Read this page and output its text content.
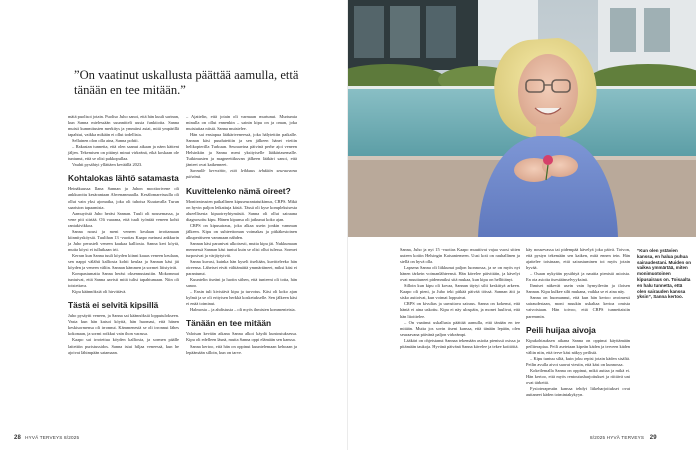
”On vaatinut uskallusta päättää aamulla, että tänään en tee mitään.”

mätä puolisoi jotain. Puoliso Juho sanoi, että hän kuuli sarinan, kun Sanna mielessään suunnitteli uusia funktioita. Sanna muisti kummitusten merkitys ja ymmärsi asiat, mitä ympärillä tapahtui, vaikka mikään ei ollut todellista.

Sellainen olon olla aina, Sanna pohtii.

– Rakastan tunnetta, että olen saanut aikaan ja näen kättent jäljen. Tekemisen on pitänyt minut virkeänä, eikä koskaan ole tuntunut, että se olisi pakkopullaa.

Vauhti pysähtyi yllättäen keväällä 2023.

Kohtalokas lähtö satamasta

Heinäkuussa Ilana Sannan ja Juhon moottorivene oli ankkuroitu kesärantaan Ahvenanmaalla. Kesälomareissulla oli ollut vain yksi ajomatka, joka oli tuhoisa Kuutavalla Turun saariston tapaamista.

Aamuyöstä Juho heräsi Sannan. Tuuli oli nousemassa, ja vene piti siirtää. Oli vaarana, että tuuli työntää veneen kohti rantakivikkoa.

Sanna nousi ja meni veneen keulaan irrottamaan kiinnitysköysiä. Tuulihan 13 -vuotias Kaapo meinasi ankkurin ja Juho perusteli veneen kaukaa kalliosta. Sanna keri köytä, mutta köysi ei tullutkaan irti.

Kerran kun Sanna tuuli köyden kiinni kauas veneen keulaan, sen nappi välähti kalliosta kohti keulaa ja Sannan käsi jäi köyden ja veneen väliin. Sannan kämmen ja sormet litistyivät.

Kompastumatta Sanna heräsi oksennustautiin. Mokommat tuntuivat, että Sanna aavisti mitä tulisi tapahtumaan. Niin oli toistettava.

Kipu käännöksiä oli hirvittävä.

Tästä ei selvitä kipsillä

Juho pysäytti veneen, ja Sanna sai käännöksiä lopputulokseen. Vasta kun hän katsoi köyttä, hän huomasi, että hänen keskisormensa oli irronnut. Kämmenestä se oli irronnut lähes kokonaan, ja sormi roikkui vain ihon varassa.

Kaapo sai irrotettua köyden kalliosta, ja sormen päälle laitettiin puristussidos. Sanna istui hiljaa veneessä, kun he ajoivat lähimpään satamaan.

– Ajattelin, että jotain oli varmaan murtunut. Murtumia minulla on ollut ennenkin – sainin kipu on ja oman, joka muistuttaa niistä. Sanna muistelee.

Hän sai ensiapua lääkäriveneessä, joka hälytettiin paikalle. Sannan käsi puudutettiin ja sen jälkeen hänet vietiin helikopterilla Turkuun. Seuraavina päivinä perhe ajoi veneen Helsinkiin ja Sanna meni yksityiselle lääkäriasemalle. Tutkimusten ja magneettikuvan jälkeen lääkäri sanoi, että jänteet ovat katkenneet.

Sannalle kerrottiin, että leikkaus tehdään seuraavana päivänä.

Kuvittelenko nämä oireet?

Moniteatrusten paikallinen kipuseurantatutkimus, CRPS. Mikä on hyvin paljon leikattuja käsiä. Tässä oli kyse kompleksisesta alueellisesta kipuoireyhtymästä. Sanna oli ollut sairaana diagnosoitu kipu. Hänen kipunsa oli jatkunut koko ajan.

CRPS on kipusairaus, joka alkaa usein jonkin vamman jälkeen. Kipu on suhteettoman voimakas ja pitkäkestoinen alkuperäiseen vammaan nähden.

Sannan käsi paranivat ulkoisesti, mutta kipu jäi. Nukkumaan mennessä Sannan käsi tuntui kuin se olisi ollut tulessa. Sormet turposivat ja värjäytyivät.

Sanna kuvasi, kuinka hän kyseli itseltään, kuvitteleeko hän oireensa. Läheiset eivät välttämättä ymmärtäneet, miksi käsi ei parantunut.

Kuuntelin itseäni ja luotin siihen, että tunteeni oli totta, hän sanoo.

– Ensin tuli kivistävä kipu ja turvotus. Käsi oli koko ajan kylmä ja se oli erityisen herkkä kosketukselle. Sen jälkeen käsi ei enää toiminut.

Halmosta – ja ahdistusta – oli myös ihmisten kommenteista.

Tänään en tee mitään

Valoisan kevään aikana Sanna alkoi käydä kuntoutuksessa. Kipu oli edelleen läsnä, mutta Sanna oppi elämään sen kanssa.

Sanna kertoo, että hän on oppinut kuuntelemaan kehoaan ja lepäämään silloin, kun on tarve.

28 HYVÄ TERVEYS 8/2025

Sanna, Juho ja nyt 15 -vuotias Kaapo muuttivat vajaa vuosi sitten uuteen kotiin Helsingin Kaisaniemeen. Uusi koti on rauhallinen ja siellä on hyvä olla.

Lapsena Sanna oli liikkunut paljon luonnossa, ja se on myös nyt hänen tärkein voimanlähteensä. Hän kävelee päivittäin, ja kävelyt ovat muuttuneet pidemmiksi sitä mukaa, kun kipu on hellittänyt.

Silloin kun kipu oli kovaa, Sannan täytyi silti keskittyä arkeen. Kaapo oli pieni, ja Juho teki pitkää päivää töissä. Sannan äiti ja sisko auttoivat, kun voimat loppuivat.

CRPS on kivulias ja uuvuttava sairaus. Sanna on kokenut, että häntä ei aina uskottu. Kipu ei näy ulospäin, ja monet luulivat, että hän liioittelee.

– On vaatinut uskallusta päättää aamulla, että tänään en tee mitään. Mutta jos sovin itseni kanssa, että tänään lepään, olen seuraavana päivänä paljon virkeämpi.

Lääkäri on ohjeistanut Sannaa tekemään asioita pienissä osissa ja pitämään taukoja. Hyvänä päivänä Sanna kävelee ja tekee kotitöitä.

käy nousevassa tai pidempää kävelyä joka päivä. Toivon, että pystyn tekemään sen kaiken, mitä ennen tein. Hän ajattelee toisinaan, että sairastuminen toi myös jotain hyvää.

– Osaan nykyään pysähtyä ja nauttia pienistä asioista. En ota asioita itsestäänselvyyksinä.

Ihmiset näkevät usein vain hymyilevän ja iloisen Sannan. Kipu kulkee silti mukana, vaikka se ei aina näy.

Sanna on huomannut, että kun hän kertoo avoimesti sairaudestaan, moni muukin uskaltaa kertoa omista vaivoistaan. Hän toivoo, että CRPS tunnettaisiin paremmin.

Peili huijaa aivoja

Kipukohtauksen aikana Sanna on oppinut käyttämään peiliterapiaa. Peili asetetaan kipeän käden ja terveen käden väliin niin, että terve käsi näkyy peilistä.

– Kipu tuntuu siltä, kuin joku repisi jotain käden sisältä. Peilin avulla aivot saavat viestin, että käsi on kunnossa.

Kokeilemalla Sanna on oppinut, mikä auttaa ja mikä ei. Hän kertoo, että myös rentoutusharjoitukset ja riittävä uni ovat tärkeitä.

Fysioterapeutin kanssa tehdyt liikeharjoitukset ovat auttaneet käden toimintakykyyn.

”Kun olen ystävien kanssa, en halua puhua sairaudestani. Muiden on vaikea ymmärtää, miten monimuotoinen kipusairaus on. Toisaalta en halu tunnetta, että olen sairauden kanssa yksin”, Sanna kertoo.
8/2025 HYVÄ TERVEYS 29
